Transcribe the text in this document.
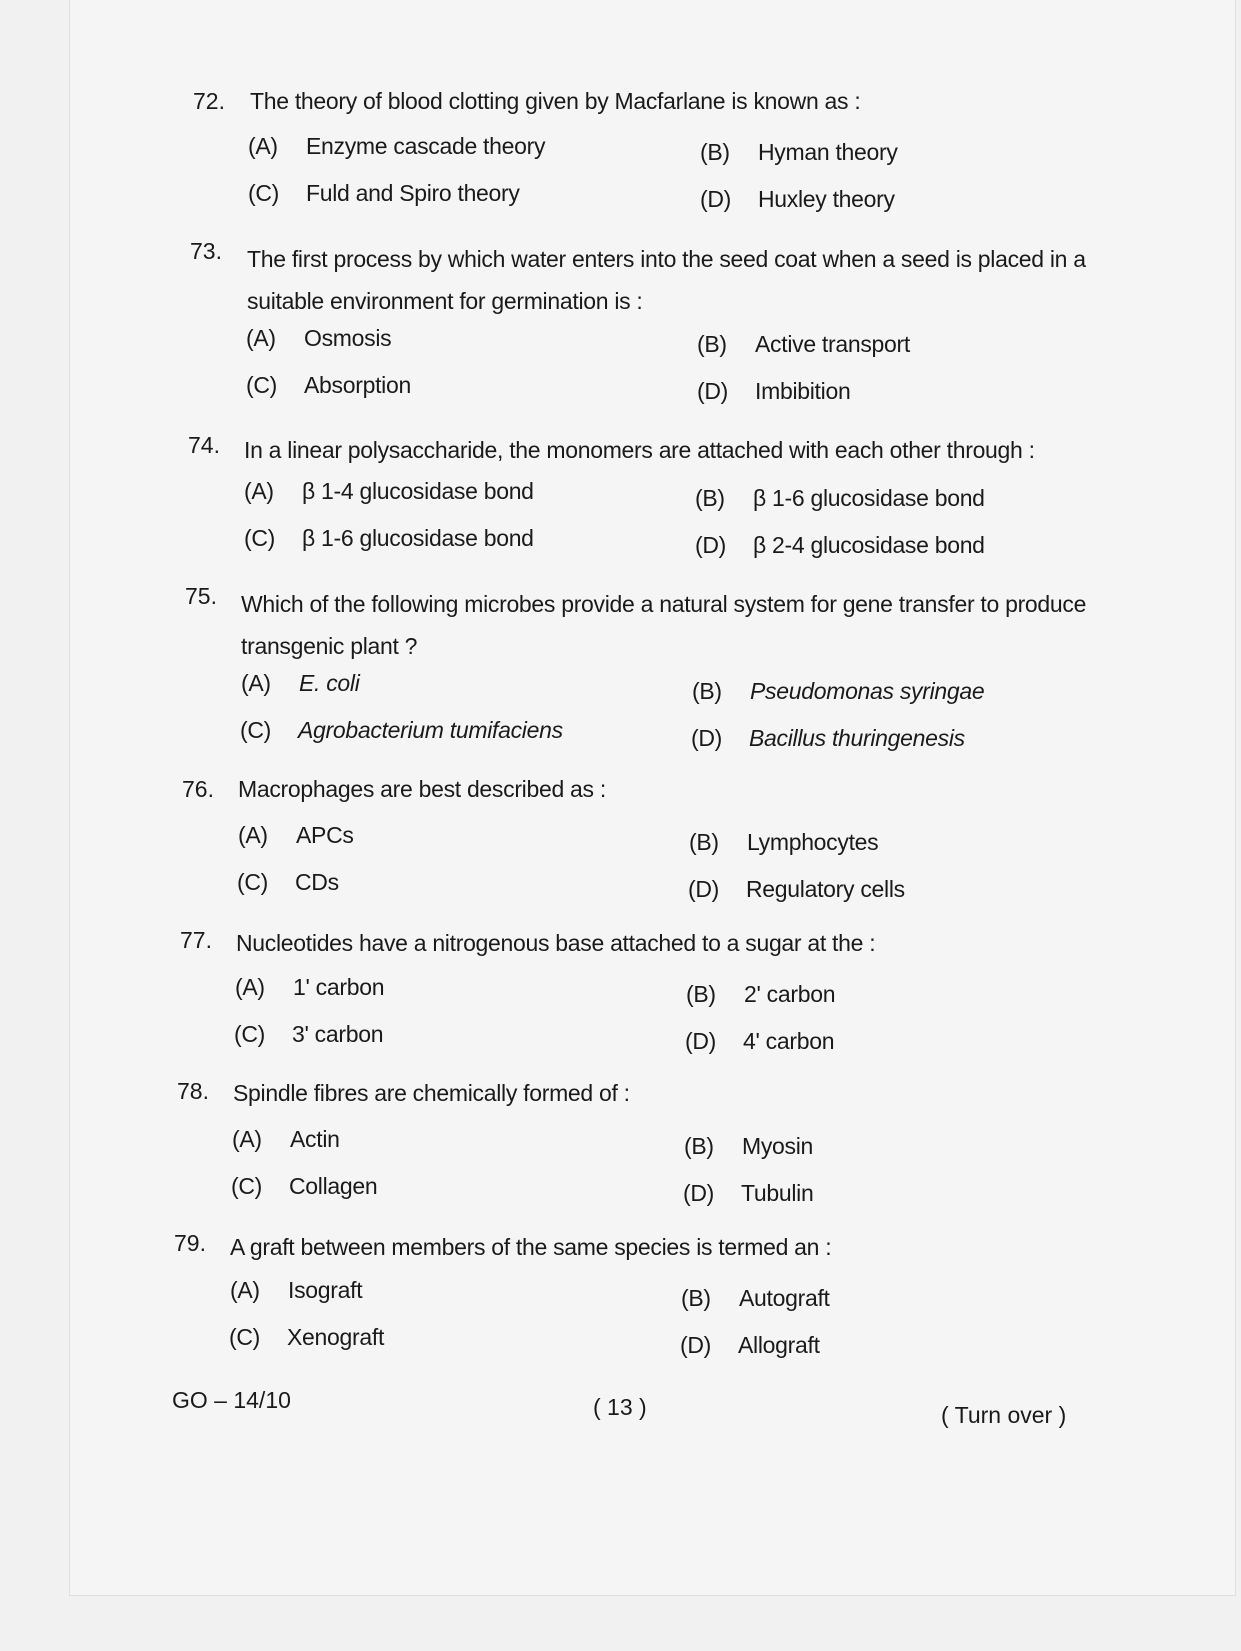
72. The theory of blood clotting given by Macfarlane is known as :
(A) Enzyme cascade theory	(B) Hyman theory
(C) Fuld and Spiro theory	(D) Huxley theory
73. The first process by which water enters into the seed coat when a seed is placed in a suitable environment for germination is :
(A) Osmosis	(B) Active transport
(C) Absorption	(D) Imbibition
74. In a linear polysaccharide, the monomers are attached with each other through :
(A) β 1-4 glucosidase bond	(B) β 1-6 glucosidase bond
(C) β 1-6 glucosidase bond	(D) β 2-4 glucosidase bond
75. Which of the following microbes provide a natural system for gene transfer to produce transgenic plant ?
(A) E. coli	(B) Pseudomonas syringae
(C) Agrobacterium tumifaciens	(D) Bacillus thuringenesis
76. Macrophages are best described as :
(A) APCs	(B) Lymphocytes
(C) CDs	(D) Regulatory cells
77. Nucleotides have a nitrogenous base attached to a sugar at the :
(A) 1' carbon	(B) 2' carbon
(C) 3' carbon	(D) 4' carbon
78. Spindle fibres are chemically formed of :
(A) Actin	(B) Myosin
(C) Collagen	(D) Tubulin
79. A graft between members of the same species is termed an :
(A) Isograft	(B) Autograft
(C) Xenograft	(D) Allograft
GO – 14/10	( 13 )	( Turn over )
